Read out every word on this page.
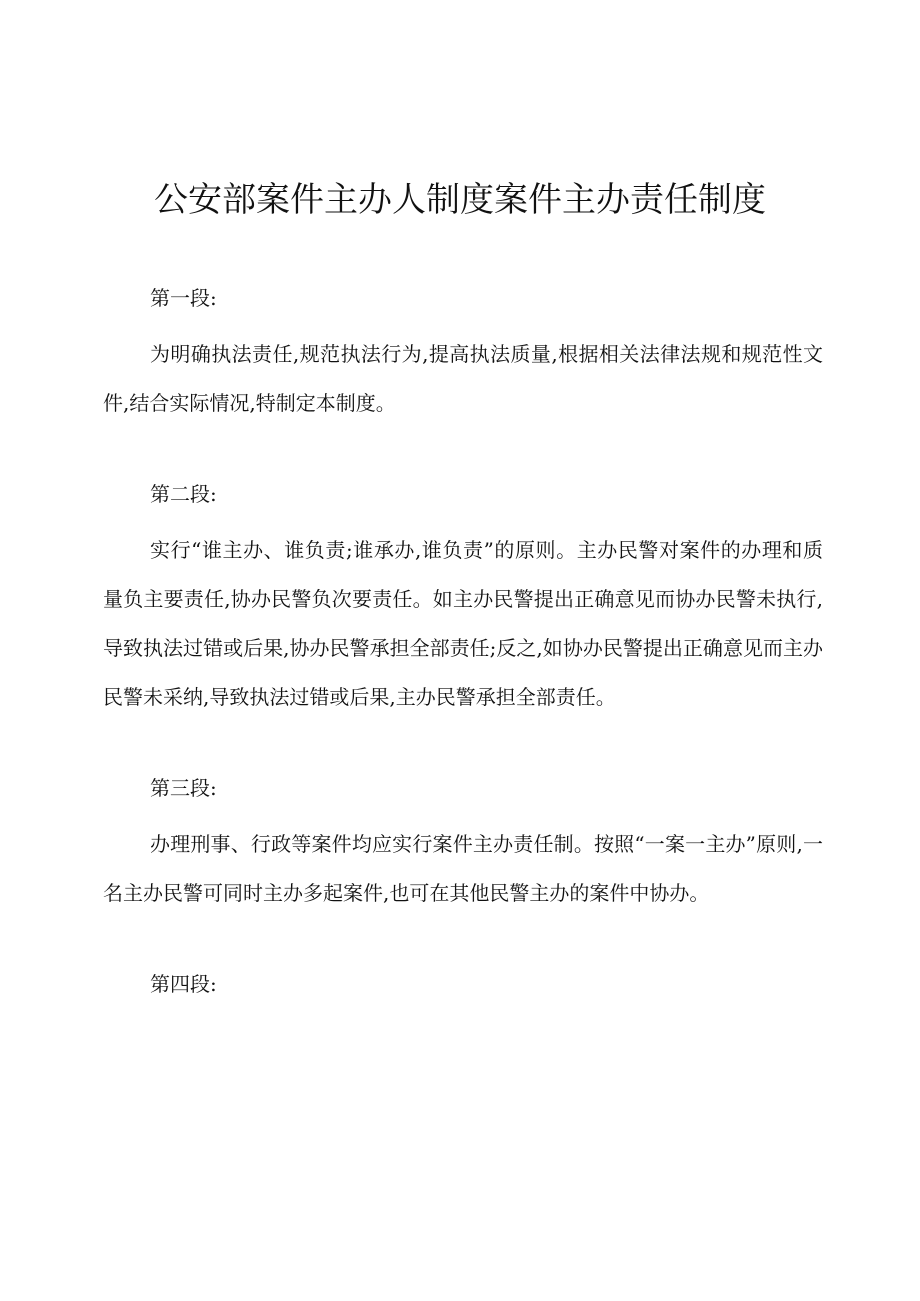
公安部案件主办人制度案件主办责任制度
第一段:

为明确执法责任,规范执法行为,提高执法质量,根据相关法律法规和规范性文件,结合实际情况,特制定本制度。

第二段:

实行“谁主办、谁负责;谁承办,谁负责”的原则。主办民警对案件的办理和质量负主要责任,协办民警负次要责任。如主办民警提出正确意见而协办民警未执行,导致执法过错或后果,协办民警承担全部责任;反之,如协办民警提出正确意见而主办民警未采纳,导致执法过错或后果,主办民警承担全部责任。

第三段:

办理刑事、行政等案件均应实行案件主办责任制。按照“一案一主办”原则,一名主办民警可同时主办多起案件,也可在其他民警主办的案件中协办。

第四段:
